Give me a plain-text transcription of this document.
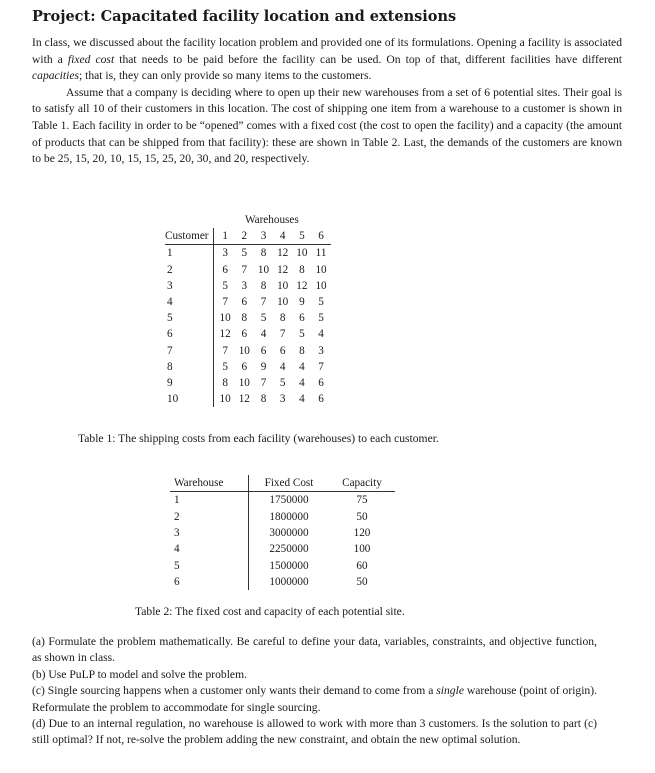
Project: Capacitated facility location and extensions

In class, we discussed about the facility location problem and provided one of its formulations. Opening a facility is associated with a fixed cost that needs to be paid before the facility can be used. On top of that, different facilities have different capacities; that is, they can only provide so many items to the customers.

Assume that a company is deciding where to open up their new warehouses from a set of 6 potential sites. Their goal is to satisfy all 10 of their customers in this location. The cost of shipping one item from a warehouse to a customer is shown in Table 1. Each facility in order to be “opened” comes with a fixed cost (the cost to open the facility) and a capacity (the amount of products that can be shipped from that facility): these are shown in Table 2. Last, the demands of the customers are known to be 25, 15, 20, 10, 15, 15, 25, 20, 30, and 20, respectively.

	Warehouses					
Customer	1	2	3	4	5	6
1	3	5	8	12	10	11
2	6	7	10	12	8	10
3	5	3	8	10	12	10
4	7	6	7	10	9	5
5	10	8	5	8	6	5
6	12	6	4	7	5	4
7	7	10	6	6	8	3
8	5	6	9	4	4	7
9	8	10	7	5	4	6
10	10	12	8	3	4	6
Table 1: The shipping costs from each facility (warehouses) to each customer.
Warehouse	Fixed Cost	Capacity
1	1750000	75
2	1800000	50
3	3000000	120
4	2250000	100
5	1500000	60
6	1000000	50
Table 2: The fixed cost and capacity of each potential site.

(a) Formulate the problem mathematically. Be careful to define your data, variables, constraints, and objective function, as shown in class.

(b) Use PuLP to model and solve the problem.

(c) Single sourcing happens when a customer only wants their demand to come from a single warehouse (point of origin). Reformulate the problem to accommodate for single sourcing.

(d) Due to an internal regulation, no warehouse is allowed to work with more than 3 customers. Is the solution to part (c) still optimal? If not, re-solve the problem adding the new constraint, and obtain the new optimal solution.
